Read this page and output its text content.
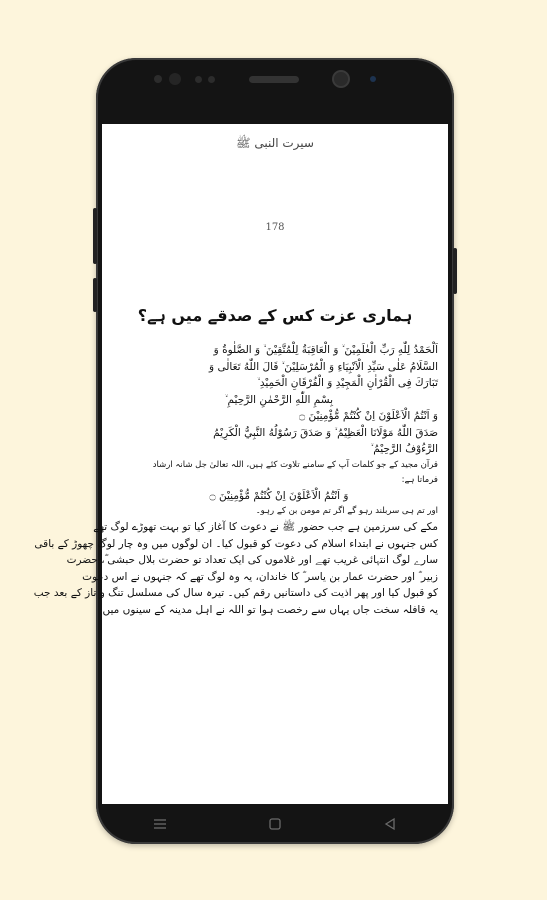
سیرت النبی ﷺ
178
ہماری عزت کس کے صدقے میں ہے؟
اَلْحَمْدُ لِلّٰهِ رَبِّ الْعٰلَمِيْنَ ۙ وَ الْعَاقِبَةُ لِلْمُتَّقِيْنَ ۙ وَ الصَّلٰوةُ وَ
السَّلَامُ عَلٰی سَيِّدِ الْاَنْبِيَاءِ وَ الْمُرْسَلِيْنَ ۙ قَالَ اللّٰهُ تَعَالٰی وَ
تَبَارَكَ فِی الْقُرْاٰنِ الْمَجِيْدِ وَ الْفُرْقَانِ الْحَمِيْدِ ۙ
بِسْمِ اللّٰهِ الرَّحْمٰنِ الرَّحِيْمِ ۙ
وَ اَنْتُمُ الْاَعْلَوْنَ اِنْ كُنْتُمْ مُّؤْمِنِيْنَ ۝
صَدَقَ اللّٰهُ مَوْلَانَا الْعَظِيْمُ ۙ وَ صَدَقَ رَسُوْلُهُ النَّبِيُّ الْكَرِيْمُ
الرَّءُوْفُ الرَّحِيْمُ ۙ
قرآن مجید کے جو کلمات آپ کے سامنے تلاوت کئے ہیں، اللہ تعالیٰ جل شانہ ارشاد
فرماتا ہے:
وَ اَنْتُمُ الْاَعْلَوْنَ اِنْ كُنْتُمْ مُّؤْمِنِيْنَ ۝
اور تم ہی سربلند رہو گے اگر تم مومن بن کے رہو۔
مکے کی سرزمین ہے جب حضور ﷺ نے دعوت کا آغاز کیا تو بہت تھوڑے لوگ تھے
کس جنہوں نے ابتداء اسلام کی دعوت کو قبول کیا۔ ان لوگوں میں وہ چار لوگ چھوڑ کے باقی
سارے لوگ انتہائی غریب تھے اور غلاموں کی ایک تعداد تو حضرت بلال حبشی ؓ، حضرت
زبیر ؓ اور حضرت عمار بن یاسر ؓ کا خاندان، یہ وہ لوگ تھے کہ جنہوں نے اس دعوت
کو قبول کیا اور پھر اذیت کی داستانیں رقم کیں۔ تیرہ سال کی مسلسل تنگ و تاز کے بعد جب
یہ قافلہ سخت جاں یہاں سے رخصت ہوا تو اللہ نے اہل مدینہ کے سینوں میں
